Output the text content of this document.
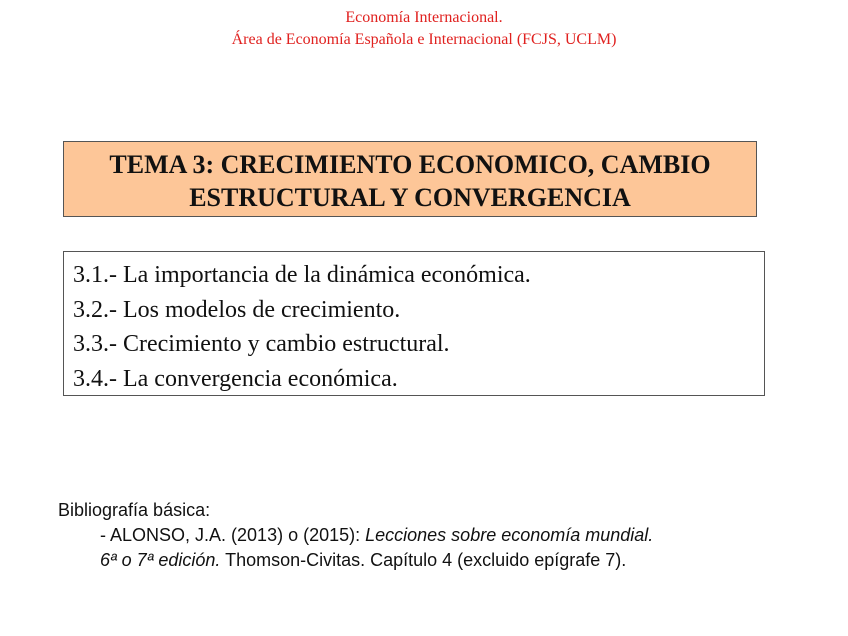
Economía Internacional.
Área de Economía Española e Internacional (FCJS, UCLM)
TEMA 3: CRECIMIENTO ECONOMICO, CAMBIO
ESTRUCTURAL Y CONVERGENCIA
3.1.- La importancia de la dinámica económica.
3.2.- Los modelos de crecimiento.
3.3.- Crecimiento y cambio estructural.
3.4.- La convergencia económica.
Bibliografía básica:
- ALONSO, J.A. (2013) o (2015): Lecciones sobre economía mundial.
6ª o 7ª edición. Thomson-Civitas. Capítulo 4 (excluido epígrafe 7).
